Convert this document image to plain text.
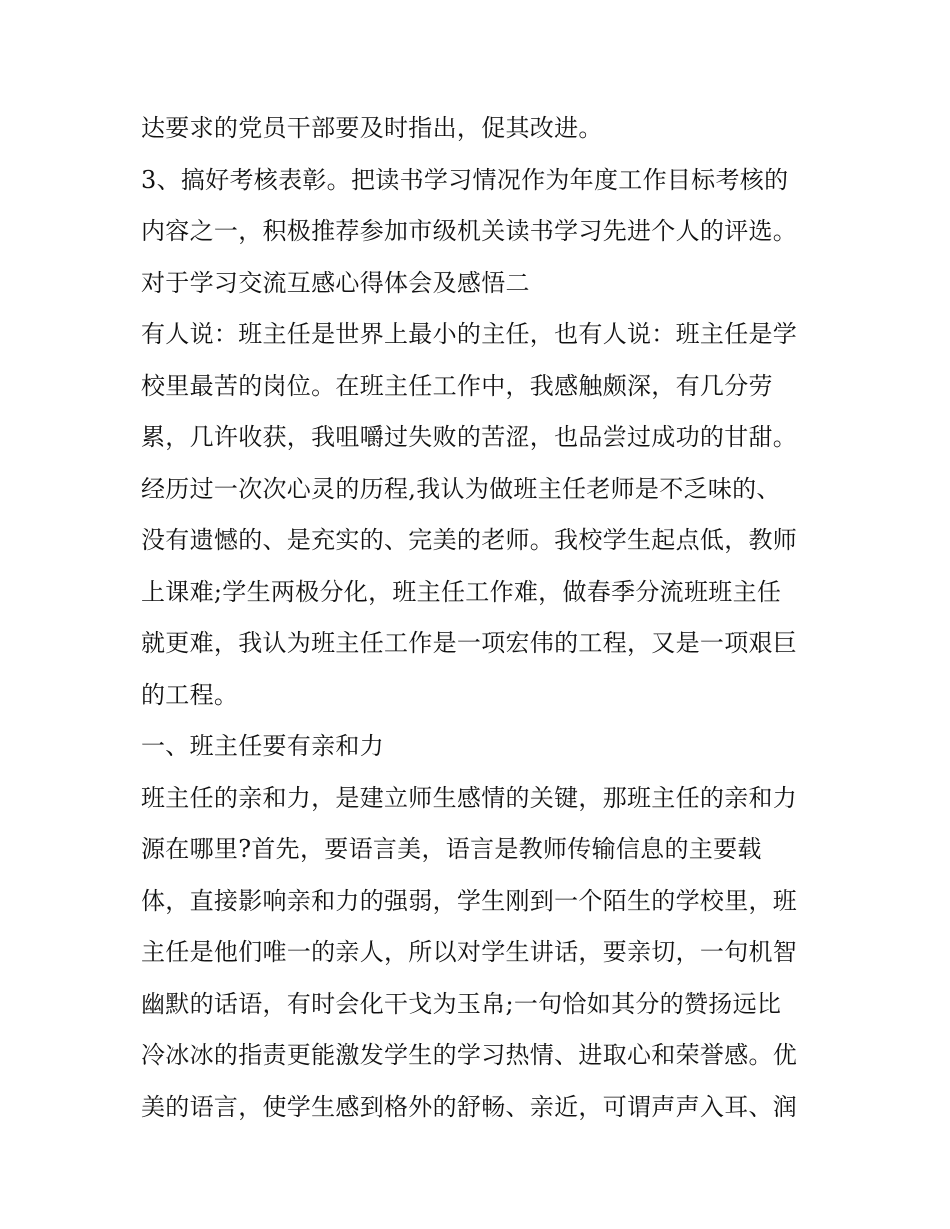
达要求的党员干部要及时指出，促其改进。
3、搞好考核表彰。把读书学习情况作为年度工作目标考核的
内容之一，积极推荐参加市级机关读书学习先进个人的评选。
对于学习交流互感心得体会及感悟二
有人说：班主任是世界上最小的主任，也有人说：班主任是学
校里最苦的岗位。在班主任工作中，我感触颇深，有几分劳
累，几许收获，我咀嚼过失败的苦涩，也品尝过成功的甘甜。
经历过一次次心灵的历程,我认为做班主任老师是不乏味的、
没有遗憾的、是充实的、完美的老师。我校学生起点低，教师
上课难;学生两极分化，班主任工作难，做春季分流班班主任
就更难，我认为班主任工作是一项宏伟的工程，又是一项艰巨
的工程。
一、班主任要有亲和力
班主任的亲和力，是建立师生感情的关键，那班主任的亲和力
源在哪里?首先，要语言美，语言是教师传输信息的主要载
体，直接影响亲和力的强弱，学生刚到一个陌生的学校里，班
主任是他们唯一的亲人，所以对学生讲话，要亲切，一句机智
幽默的话语，有时会化干戈为玉帛;一句恰如其分的赞扬远比
冷冰冰的指责更能激发学生的学习热情、进取心和荣誉感。优
美的语言，使学生感到格外的舒畅、亲近，可谓声声入耳、润
